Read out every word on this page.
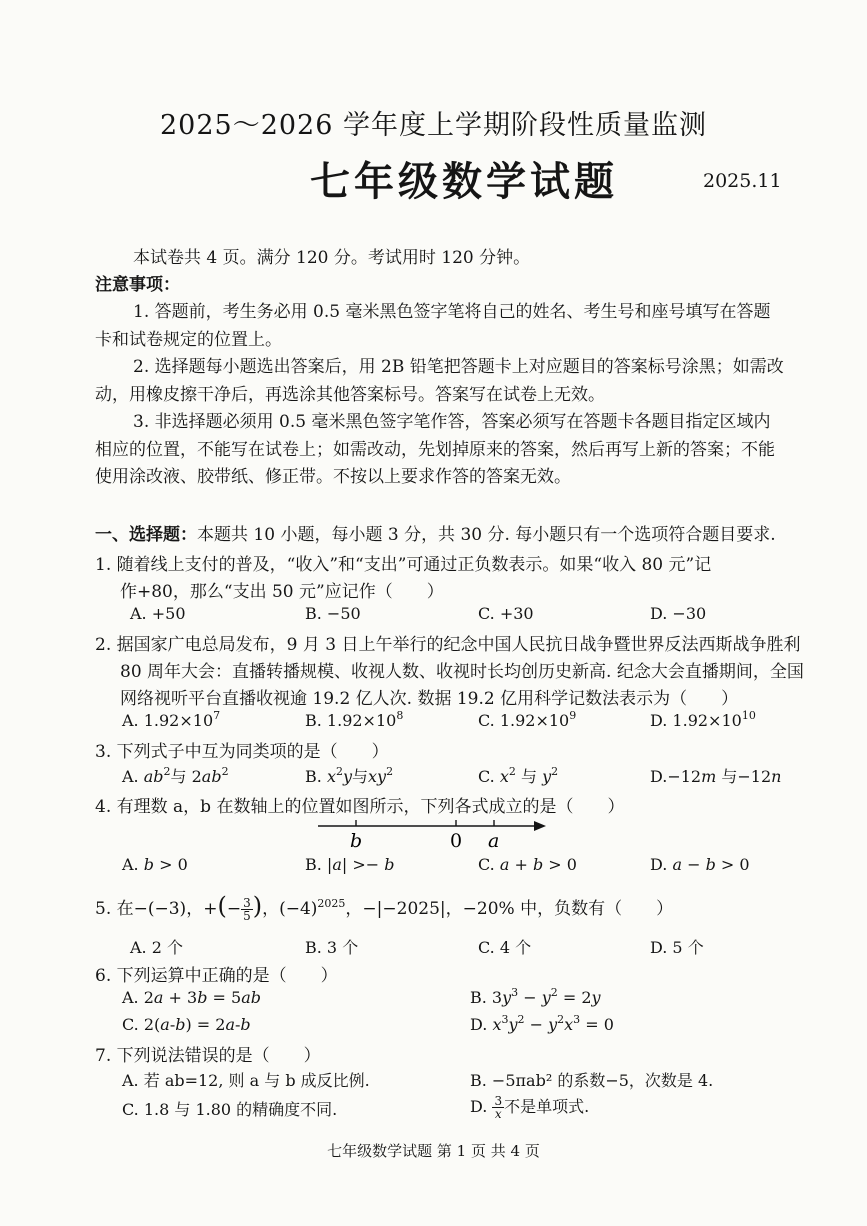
2025～2026 学年度上学期阶段性质量监测
七年级数学试题	2025.11
本试卷共 4 页。满分 120 分。考试用时 120 分钟。
注意事项：
1. 答题前，考生务必用 0.5 毫米黑色签字笔将自己的姓名、考生号和座号填写在答题
卡和试卷规定的位置上。
2. 选择题每小题选出答案后，用 2B 铅笔把答题卡上对应题目的答案标号涂黑；如需改
动，用橡皮擦干净后，再选涂其他答案标号。答案写在试卷上无效。
3. 非选择题必须用 0.5 毫米黑色签字笔作答，答案必须写在答题卡各题目指定区域内
相应的位置，不能写在试卷上；如需改动，先划掉原来的答案，然后再写上新的答案；不能
使用涂改液、胶带纸、修正带。不按以上要求作答的答案无效。
一、选择题：本题共 10 小题，每小题 3 分，共 30 分. 每小题只有一个选项符合题目要求.
1. 随着线上支付的普及，“收入”和“支出”可通过正负数表示。如果“收入 80 元”记
作+80，那么“支出 50 元”应记作（　　）
A. +50	B. −50	C. +30	D. −30
2. 据国家广电总局发布，9 月 3 日上午举行的纪念中国人民抗日战争暨世界反法西斯战争胜利
80 周年大会：直播转播规模、收视人数、收视时长均创历史新高. 纪念大会直播期间，全国
网络视听平台直播收视逾 19.2 亿人次. 数据 19.2 亿用科学记数法表示为（　　）
A. $1.92\times 10^7$	B. $1.92\times 10^8$	C. $1.92\times 10^9$	D. $1.92\times 10^{10}$
3. 下列式子中互为同类项的是（　　）
A. $ab^2$与 $2ab^2$	B. $x^2y$与$xy^2$	C. $x^2$ 与 $y^2$	D.−12m 与−12n
4. 有理数 a，b 在数轴上的位置如图所示，下列各式成立的是（　　）
b	0 a
A. b > 0	B. |a| >− b	C. a + b > 0	D. a − b > 0
5. 在−(−3)，+(− $\frac{3}{5}$ )，$(-4)^{2025}$，−|−2025|，−20% 中，负数有（　　）
A. 2 个	B. 3 个	C. 4 个	D. 5 个
6. 下列运算中正确的是（　　）
A. 2a + 3b = 5ab	B. $3y^3 - y^2 = 2y$
C. 2(a-b) = 2a-b	D. $x^3y^2 - y^2x^3 = 0$
7. 下列说法错误的是（　　）
A. 若 ab=12, 则 a 与 b 成反比例.	B. −5πab² 的系数−5，次数是 4.
C. 1.8 与 1.80 的精确度不同.	D. $\frac{3}{x}$ 不是单项式.
七年级数学试题 第 1 页 共 4 页
